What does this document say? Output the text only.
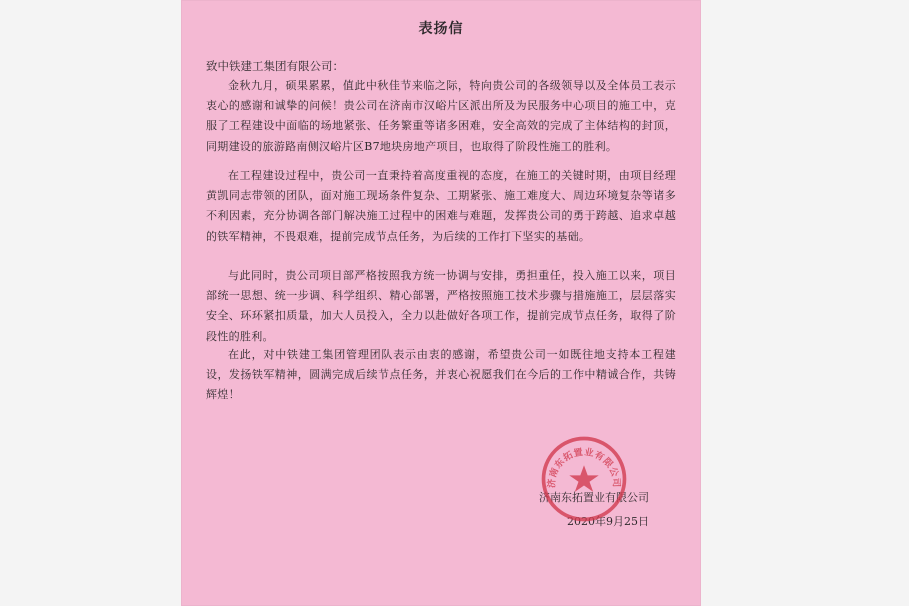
表扬信
致中铁建工集团有限公司：
金秋九月，硕果累累，值此中秋佳节来临之际，特向贵公司的各级领导以及全体员工表示衷心的感谢和诚挚的问候！贵公司在济南市汉峪片区派出所及为民服务中心项目的施工中，克服了工程建设中面临的场地紧张、任务繁重等诸多困难，安全高效的完成了主体结构的封顶，同期建设的旅游路南侧汉峪片区B7地块房地产项目，也取得了阶段性施工的胜利。
在工程建设过程中，贵公司一直秉持着高度重视的态度，在施工的关键时期，由项目经理黄凯同志带领的团队，面对施工现场条件复杂、工期紧张、施工难度大、周边环境复杂等诸多不利因素，充分协调各部门解决施工过程中的困难与难题，发挥贵公司的勇于跨越、追求卓越的铁军精神，不畏艰难，提前完成节点任务，为后续的工作打下坚实的基础。
与此同时，贵公司项目部严格按照我方统一协调与安排，勇担重任，投入施工以来，项目部统一思想、统一步调、科学组织、精心部署，严格按照施工技术步骤与措施施工，层层落实安全、环环紧扣质量，加大人员投入，全力以赴做好各项工作，提前完成节点任务，取得了阶段性的胜利。
在此，对中铁建工集团管理团队表示由衷的感谢，希望贵公司一如既往地支持本工程建设，发扬铁军精神，圆满完成后续节点任务，并衷心祝愿我们在今后的工作中精诚合作，共铸辉煌！
济南东拓置业有限公司
2020年9月25日
济南东拓置业有限公司
